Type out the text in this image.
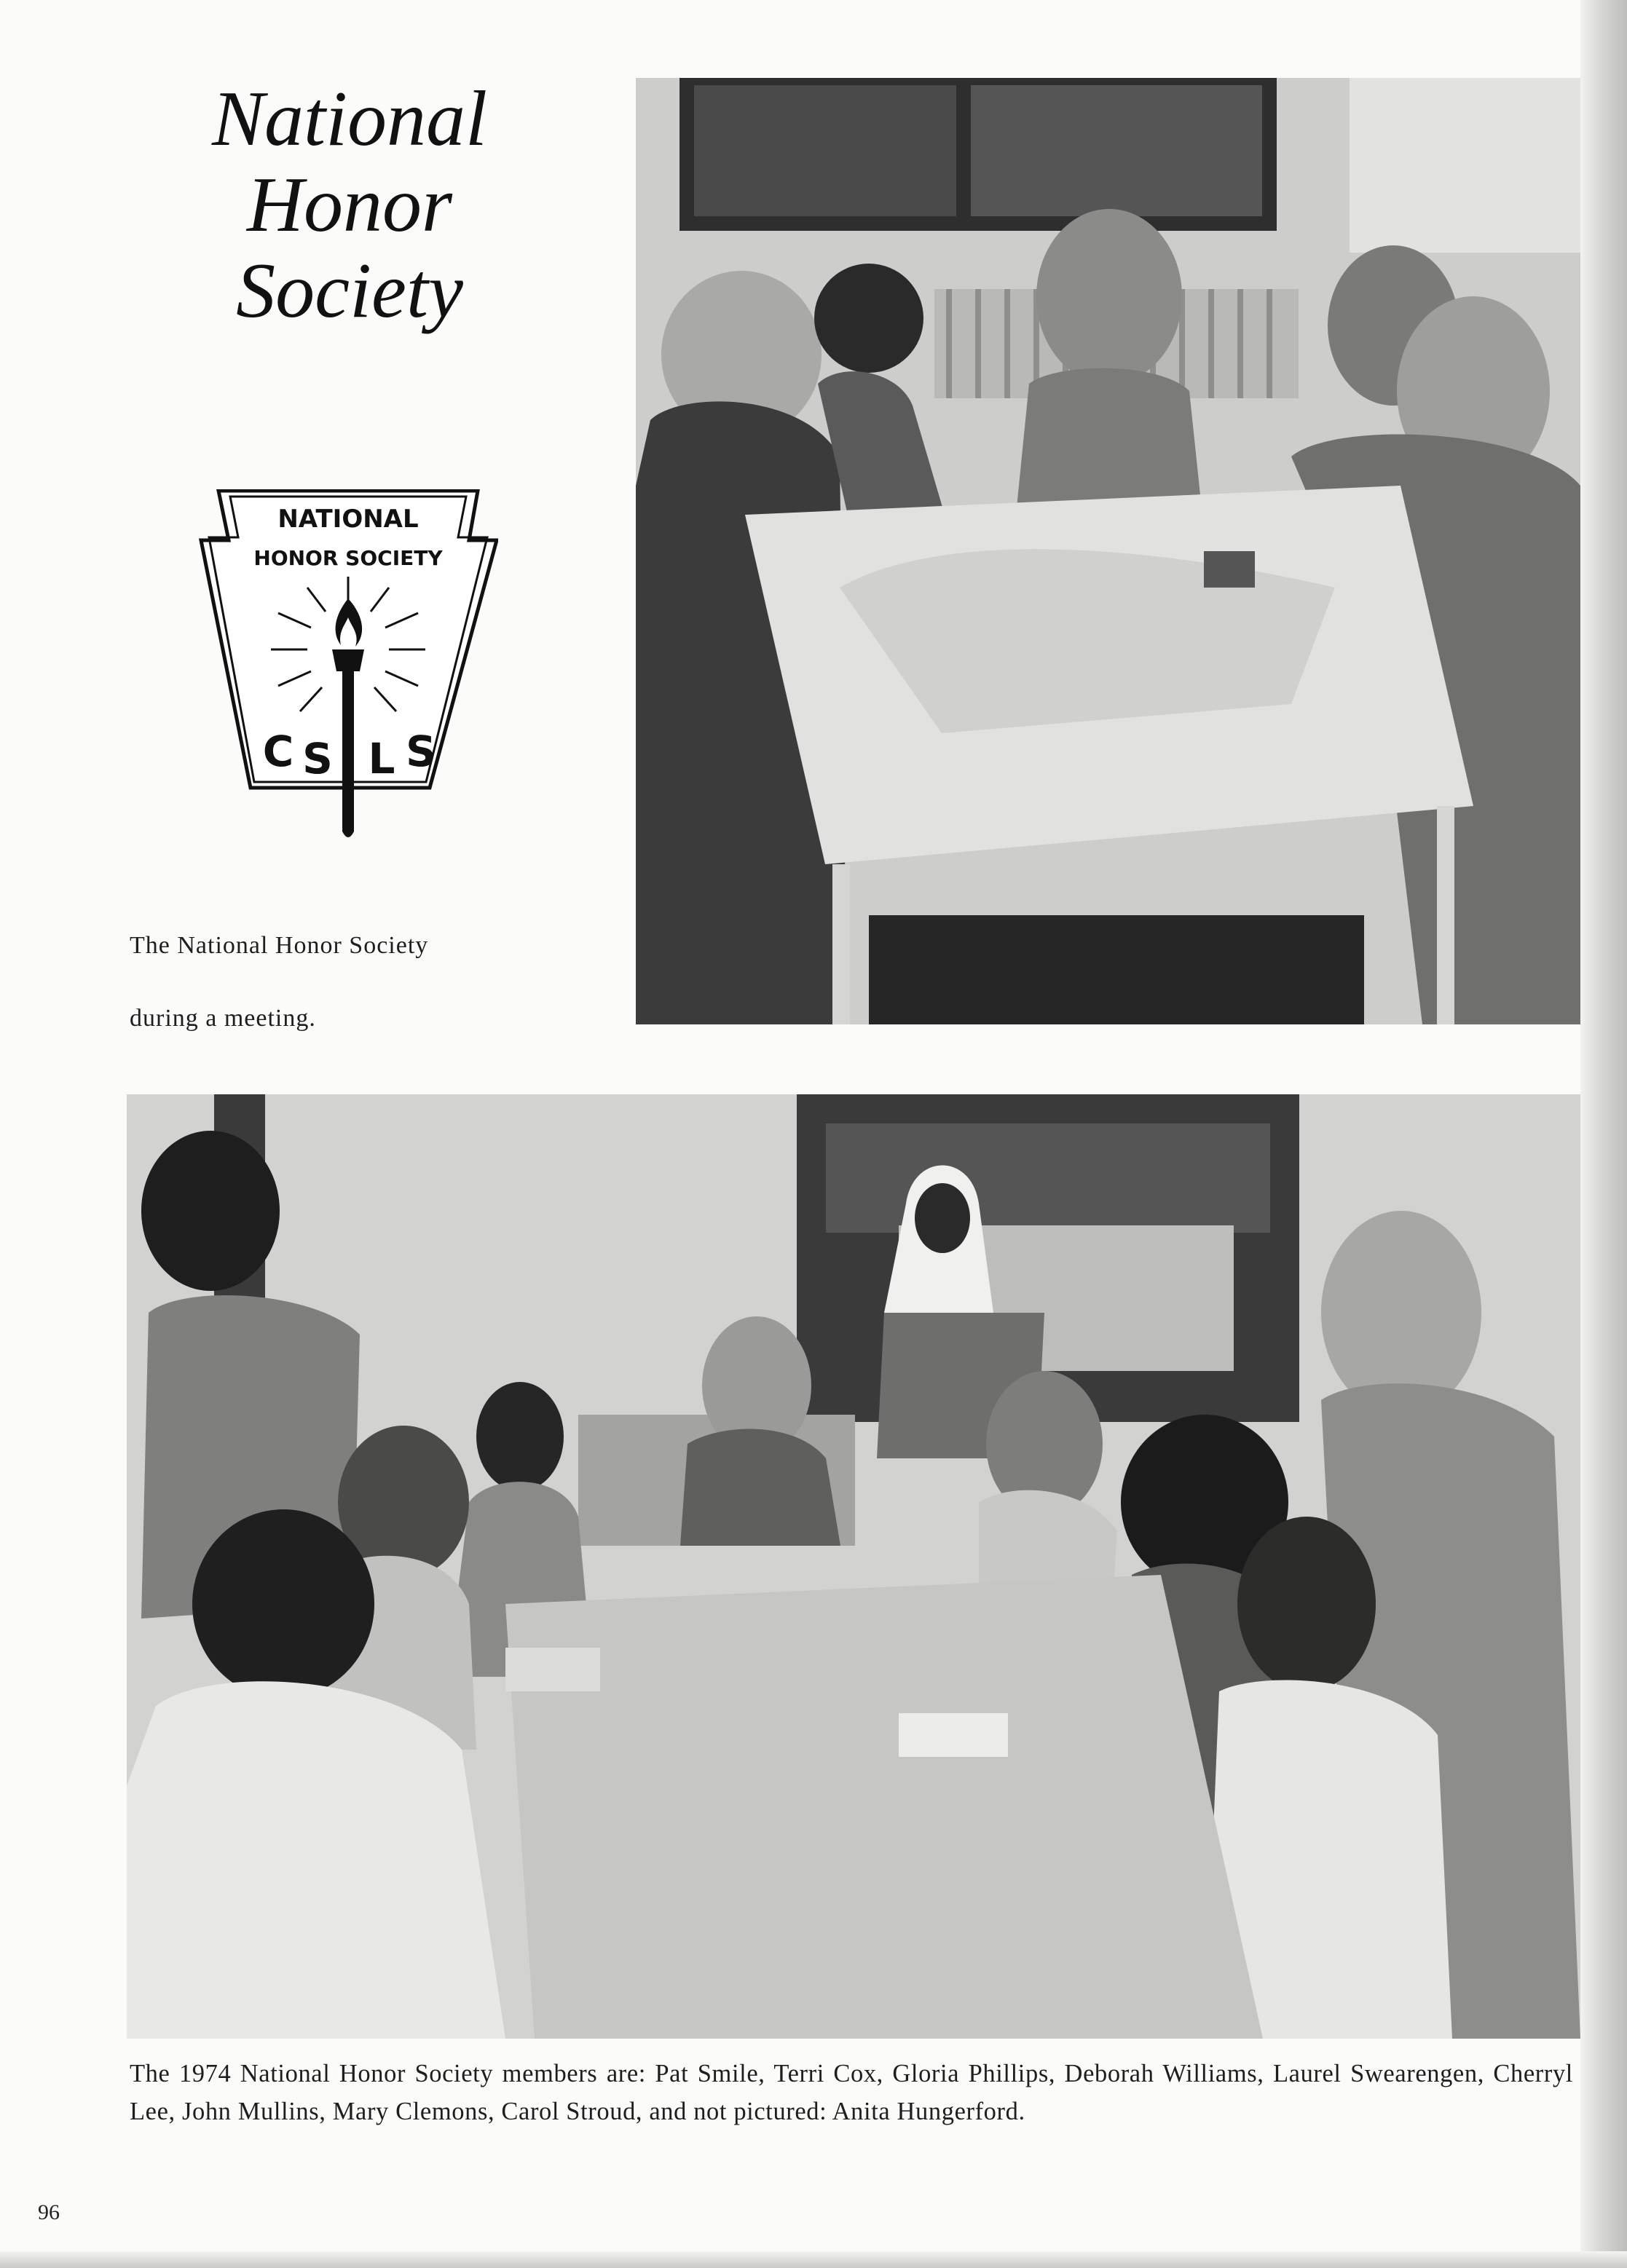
National
Honor
Society
NATIONAL
HONOR SOCIETY
C S L S
The National Honor Society
during a meeting.

The 1974 National Honor Society members are: Pat Smile, Terri Cox, Gloria Phillips, Deborah Williams, Laurel Swearengen, Cherryl Lee, John Mullins, Mary Clemons, Carol Stroud, and not pictured: Anita Hungerford.

96
